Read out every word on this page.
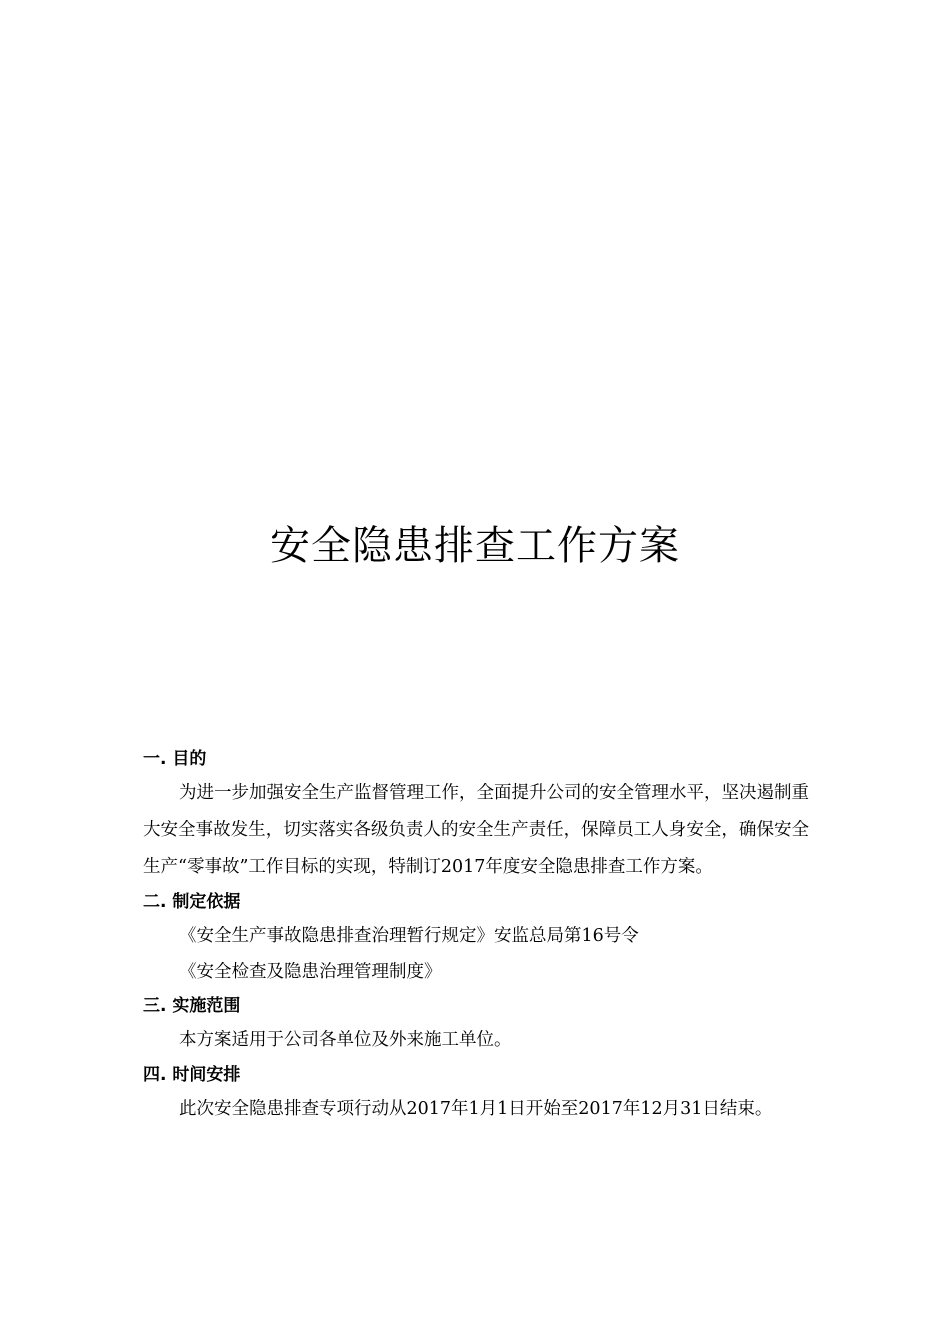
安全隐患排查工作方案
一. 目的

为进一步加强安全生产监督管理工作，全面提升公司的安全管理水平，坚决遏制重大安全事故发生，切实落实各级负责人的安全生产责任，保障员工人身安全，确保安全生产“零事故”工作目标的实现，特制订2017年度安全隐患排查工作方案。

二. 制定依据

《安全生产事故隐患排查治理暂行规定》安监总局第16号令

《安全检查及隐患治理管理制度》

三. 实施范围

本方案适用于公司各单位及外来施工单位。

四. 时间安排

此次安全隐患排查专项行动从2017年1月1日开始至2017年12月31日结束。
